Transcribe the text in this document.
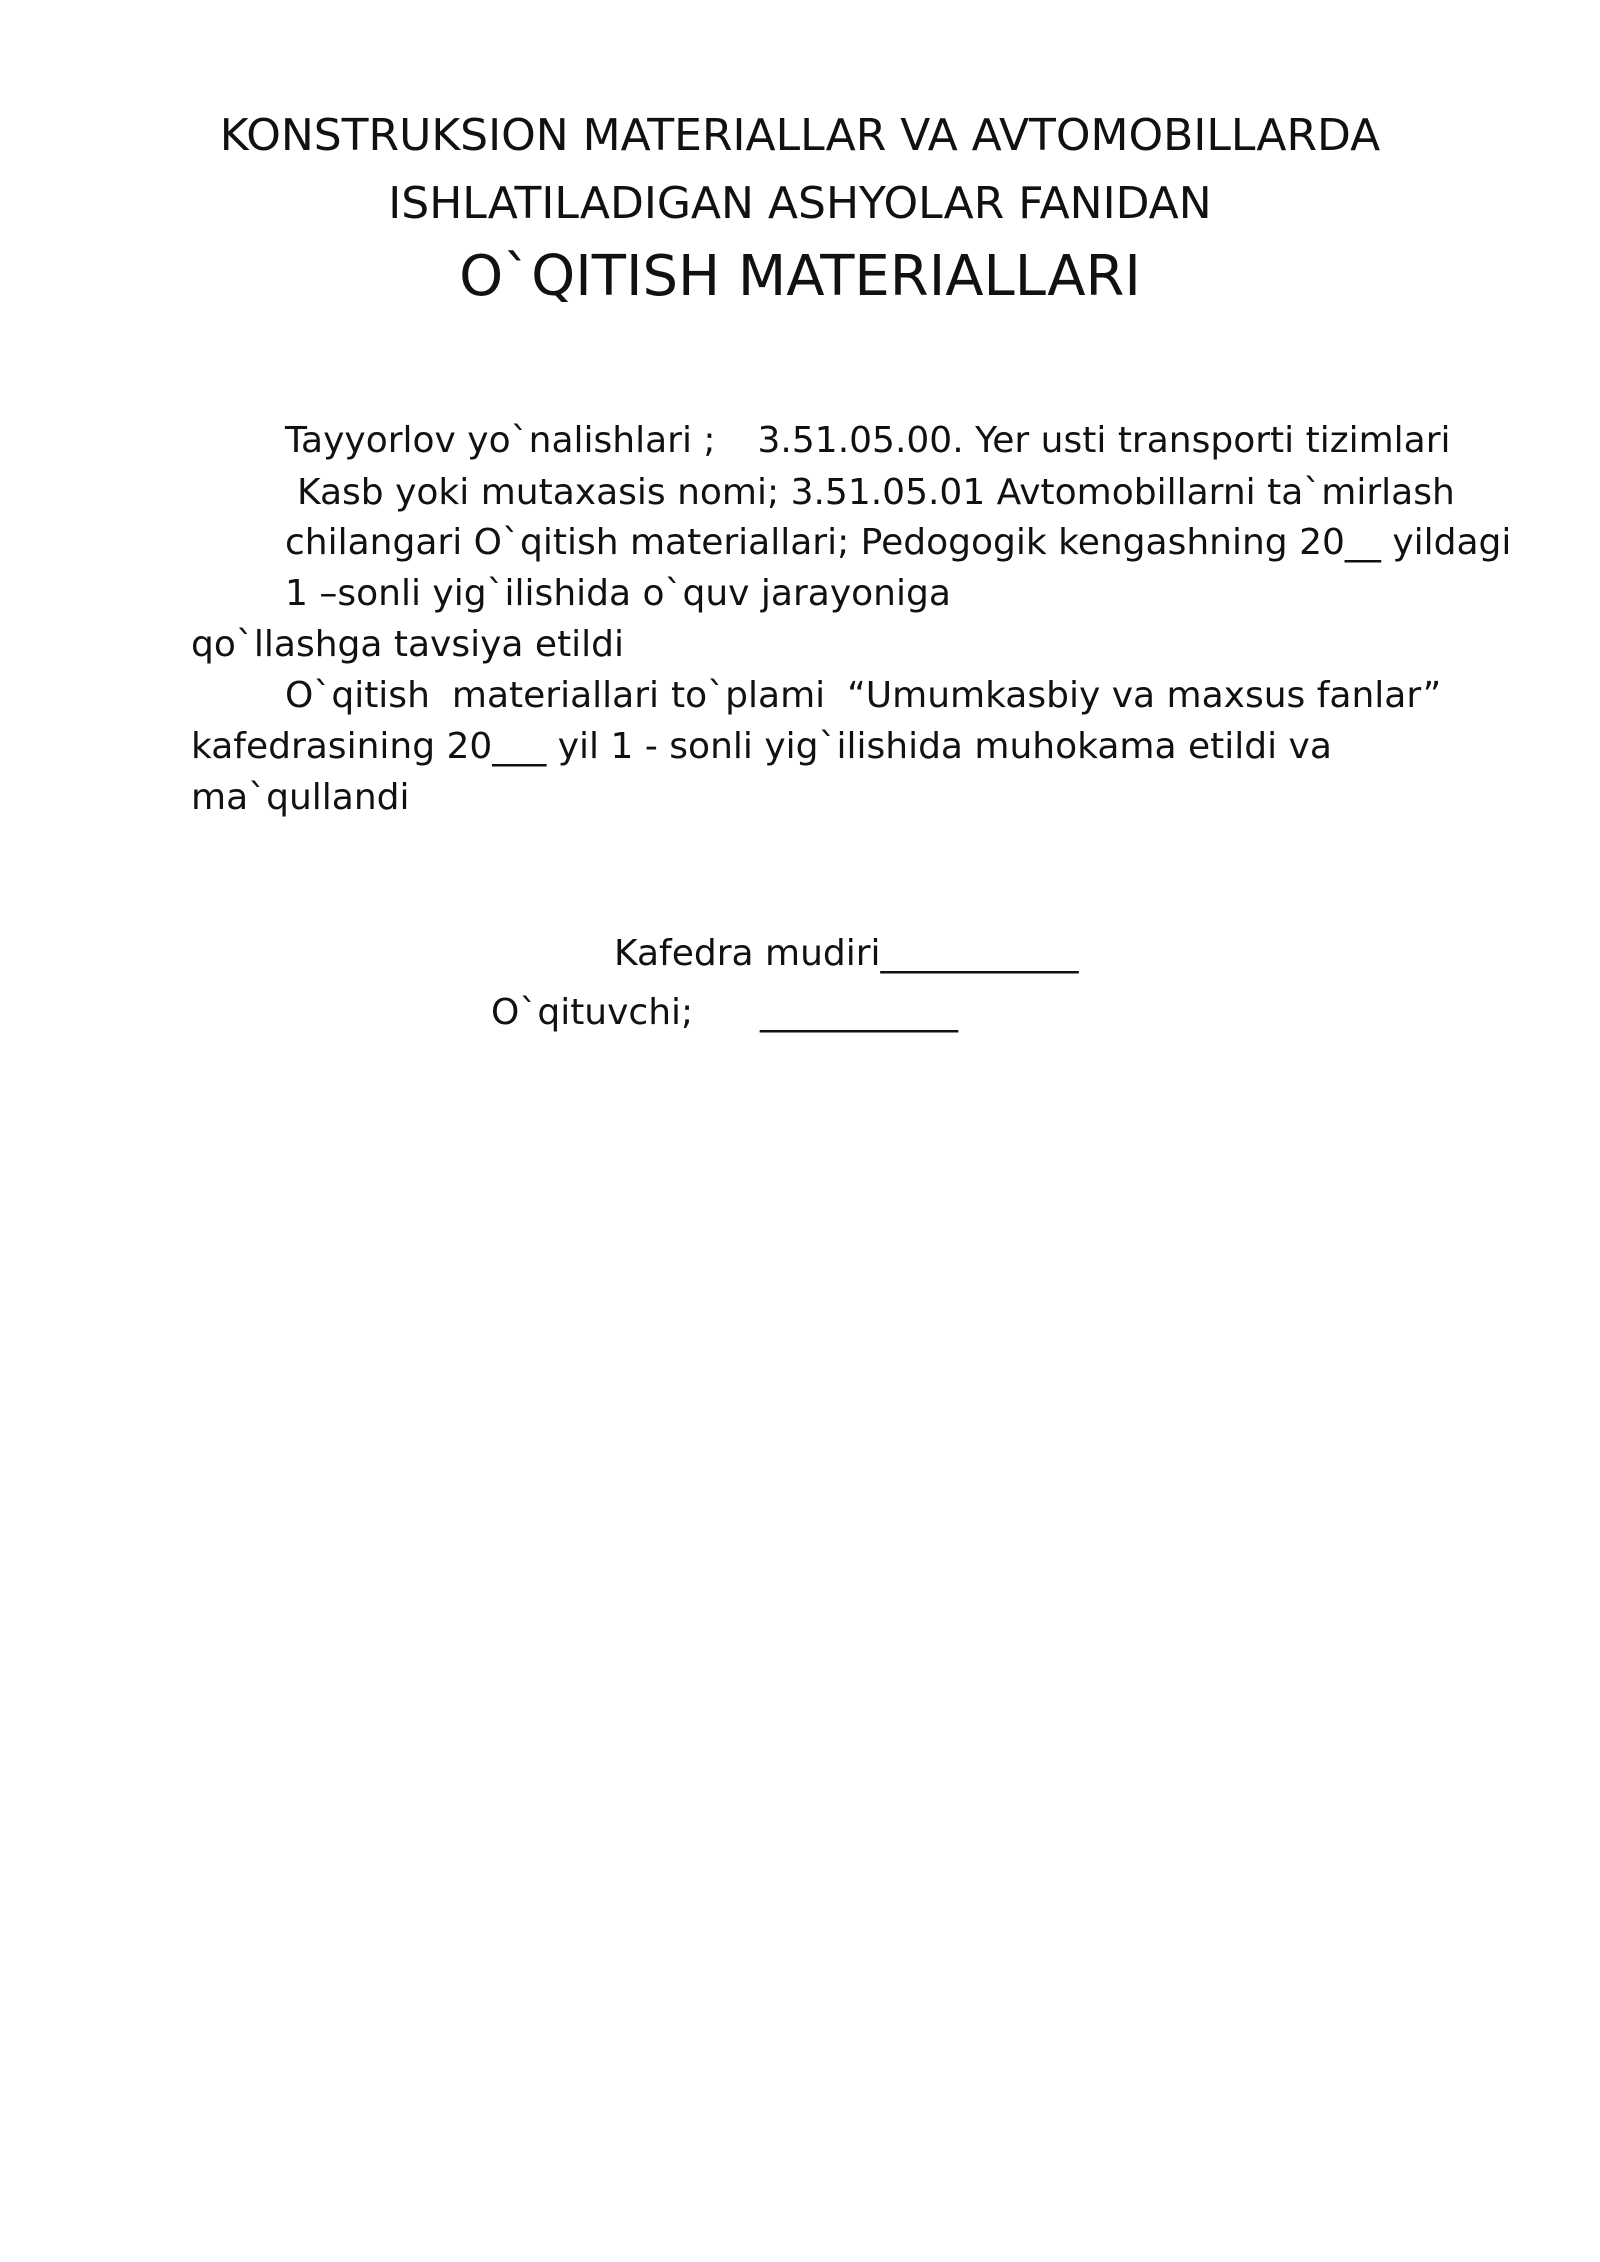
KONSTRUKSION MATERIALLAR VA AVTOMOBILLARDA
ISHLATILADIGAN ASHYOLAR FANIDAN
O`QITISH MATERIALLARI
Tayyorlov yo`nalishlari ; 3.51.05.00. Yer usti transporti tizimlari
Kasb yoki mutaxasis nomi; 3.51.05.01 Avtomobillarni ta`mirlash
chilangari O`qitish materiallari; Pedogogik kengashning 20__ yildagi
1 –sonli yig`ilishida o`quv jarayoniga
qo`llashga tavsiya etildi
O`qitish materiallari to`plami “Umumkasbiy va maxsus fanlar”
kafedrasining 20___ yil 1 - sonli yig`ilishida muhokama etildi va
ma`qullandi
Kafedra mudiri___________
O`qituvchi; ___________
